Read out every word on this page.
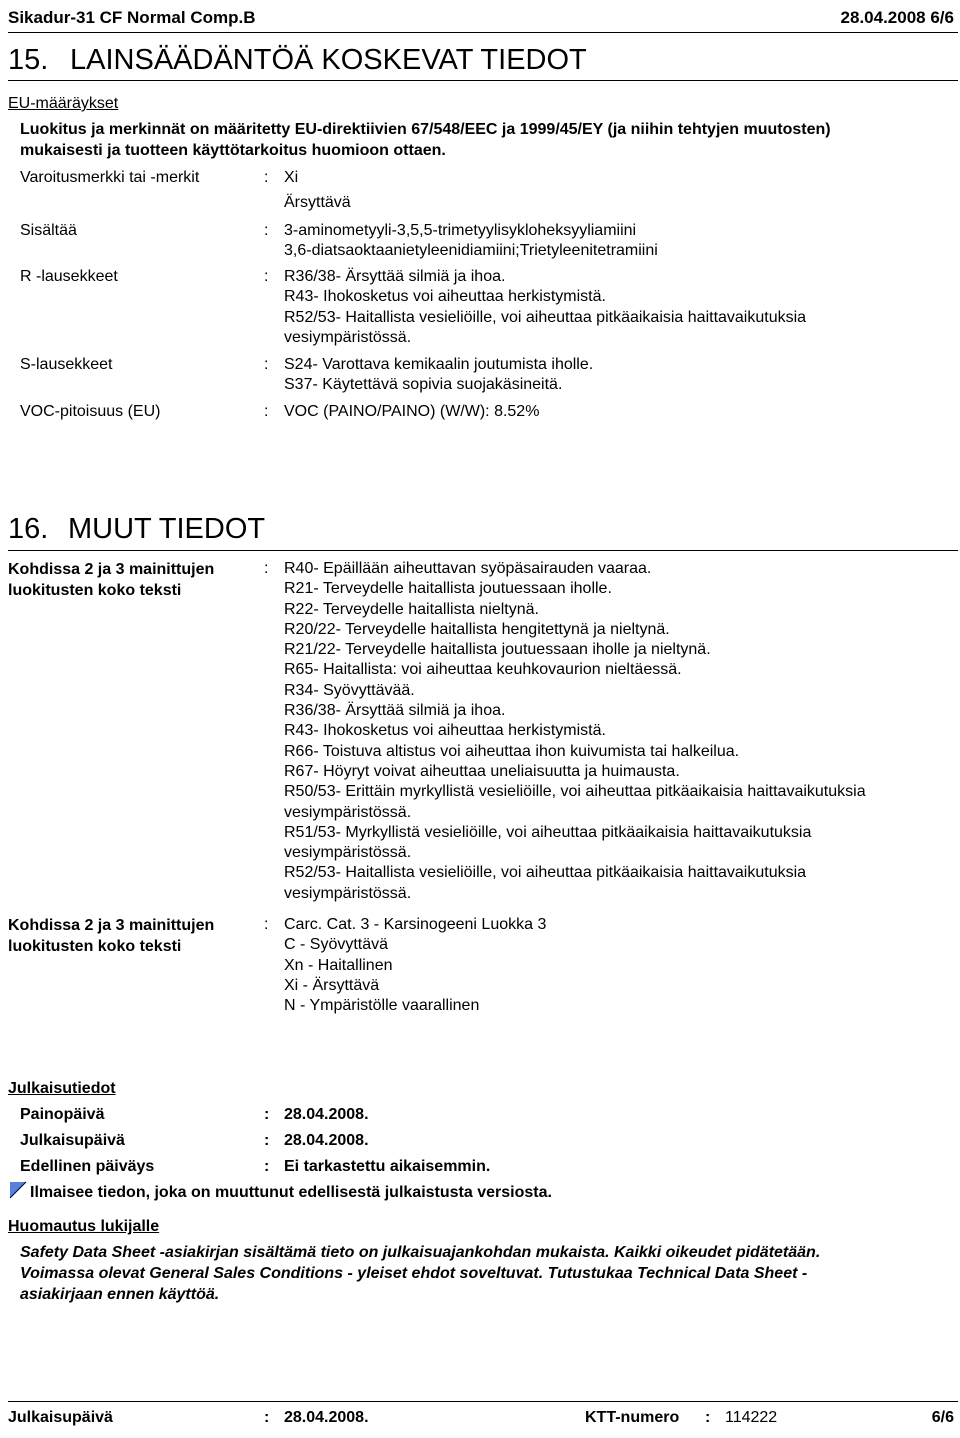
Sikadur-31 CF Normal Comp.B	28.04.2008 6/6
15. LAINSÄÄDÄNTÖÄ KOSKEVAT TIEDOT
EU-määräykset
Luokitus ja merkinnät on määritetty EU-direktiivien 67/548/EEC ja 1999/45/EY (ja niihin tehtyjen muutosten)
mukaisesti ja tuotteen käyttötarkoitus huomioon ottaen.
Varoitusmerkki tai -merkit	: Xi
Ärsyttävä
Sisältää	: 3-aminometyyli-3,5,5-trimetyylisykloheksyyliamiini
3,6-diatsaoktaanietyleenidiamiini;Trietyleenitetramiini
R -lausekkeet	: R36/38- Ärsyttää silmiä ja ihoa.
R43- Ihokosketus voi aiheuttaa herkistymistä.
R52/53- Haitallista vesieliöille, voi aiheuttaa pitkäaikaisia haittavaikutuksia
vesiympäristössä.
S-lausekkeet	: S24- Varottava kemikaalin joutumista iholle.
S37- Käytettävä sopivia suojakäsineitä.
VOC-pitoisuus (EU)	: VOC (PAINO/PAINO) (W/W): 8.52%
16. MUUT TIEDOT
Kohdissa 2 ja 3 mainittujen
luokitusten koko teksti
: R40- Epäillään aiheuttavan syöpäsairauden vaaraa.
R21- Terveydelle haitallista joutuessaan iholle.
R22- Terveydelle haitallista nieltynä.
R20/22- Terveydelle haitallista hengitettynä ja nieltynä.
R21/22- Terveydelle haitallista joutuessaan iholle ja nieltynä.
R65- Haitallista: voi aiheuttaa keuhkovaurion nieltäessä.
R34- Syövyttävää.
R36/38- Ärsyttää silmiä ja ihoa.
R43- Ihokosketus voi aiheuttaa herkistymistä.
R66- Toistuva altistus voi aiheuttaa ihon kuivumista tai halkeilua.
R67- Höyryt voivat aiheuttaa uneliaisuutta ja huimausta.
R50/53- Erittäin myrkyllistä vesieliöille, voi aiheuttaa pitkäaikaisia haittavaikutuksia
vesiympäristössä.
R51/53- Myrkyllistä vesieliöille, voi aiheuttaa pitkäaikaisia haittavaikutuksia
vesiympäristössä.
R52/53- Haitallista vesieliöille, voi aiheuttaa pitkäaikaisia haittavaikutuksia
vesiympäristössä.
Kohdissa 2 ja 3 mainittujen
luokitusten koko teksti
: Carc. Cat. 3 - Karsinogeeni Luokka 3
C - Syövyttävä
Xn - Haitallinen
Xi - Ärsyttävä
N - Ympäristölle vaarallinen
Julkaisutiedot
Painopäivä	: 28.04.2008.
Julkaisupäivä	: 28.04.2008.
Edellinen päiväys	: Ei tarkastettu aikaisemmin.
Ilmaisee tiedon, joka on muuttunut edellisestä julkaistusta versiosta.
Huomautus lukijalle
Safety Data Sheet -asiakirjan sisältämä tieto on julkaisuajankohdan mukaista. Kaikki oikeudet pidätetään.
Voimassa olevat General Sales Conditions - yleiset ehdot soveltuvat. Tutustukaa Technical Data Sheet -
asiakirjaan ennen käyttöä.
Julkaisupäivä	: 28.04.2008.	KTT-numero : 114222	6/6
